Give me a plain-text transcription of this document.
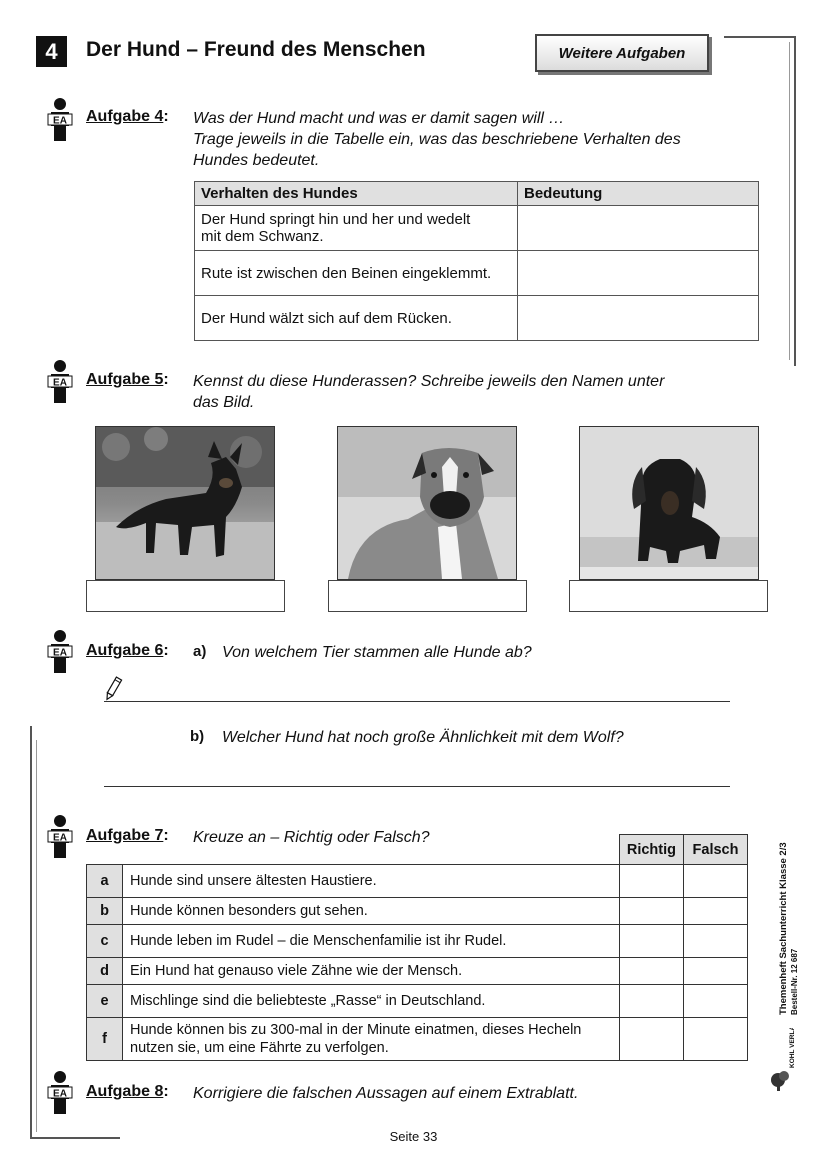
4	Der Hund – Freund des Menschen	Weitere Aufgaben
EA Aufgabe 4: Was der Hund macht und was er damit sagen will …
Trage jeweils in die Tabelle ein, was das beschriebene Verhalten des
Hundes bedeutet.
Verhalten des Hundes	Bedeutung

Der Hund springt hin und her und wedelt
mit dem Schwanz.	

Rute ist zwischen den Beinen eingeklemmt.	
Der Hund wälzt sich auf dem Rücken.	
EA Aufgabe 5: Kennst du diese Hunderassen? Schreibe jeweils den Namen unter
das Bild.
EA Aufgabe 6: a) Von welchem Tier stammen alle Hunde ab?
b) Welcher Hund hat noch große Ähnlichkeit mit dem Wolf?
EA Aufgabe 7: Kreuze an – Richtig oder Falsch?
		Richtig	Falsch
a	Hunde sind unsere ältesten Haustiere.		
b	Hunde können besonders gut sehen.		
c	Hunde leben im Rudel – die Menschenfamilie ist ihr Rudel.		
d	Ein Hund hat genauso viele Zähne wie der Mensch.		
e	Mischlinge sind die beliebteste „Rasse“ in Deutschland.		
f	Hunde können bis zu 300-mal in der Minute einatmen, dieses Hecheln
nutzen sie, um eine Fährte zu verfolgen.		

Themenheft Sachunterricht Klasse 2/3 Bestell-Nr. 12 687
KOHL VERLAG
EA Aufgabe 8: Korrigiere die falschen Aussagen auf einem Extrablatt.
Seite 33
